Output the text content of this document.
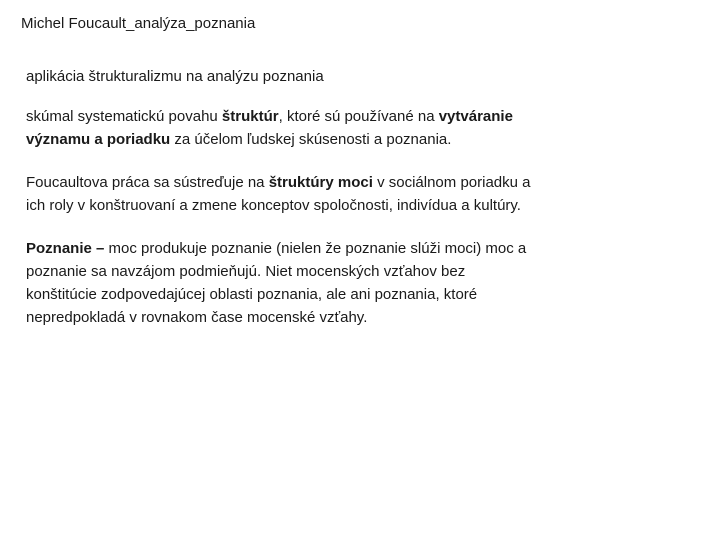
Michel Foucault_analýza_poznania

aplikácia štrukturalizmu na analýzu poznania

skúmal systematickú povahu štruktúr, ktoré sú používané na vytváranie významu a poriadku za účelom ľudskej skúsenosti a poznania.

Foucaultova práca sa sústreďuje na štruktúry moci v sociálnom poriadku a ich roly v konštruovaní a zmene konceptov spoločnosti, indivídua a kultúry.

Poznanie – moc produkuje poznanie (nielen že poznanie slúži moci) moc a poznanie sa navzájom podmieňujú. Niet mocenských vzťahov bez konštitúcie zodpovedajúcej oblasti poznania, ale ani poznania, ktoré nepredpokladá v rovnakom čase mocenské vzťahy.
